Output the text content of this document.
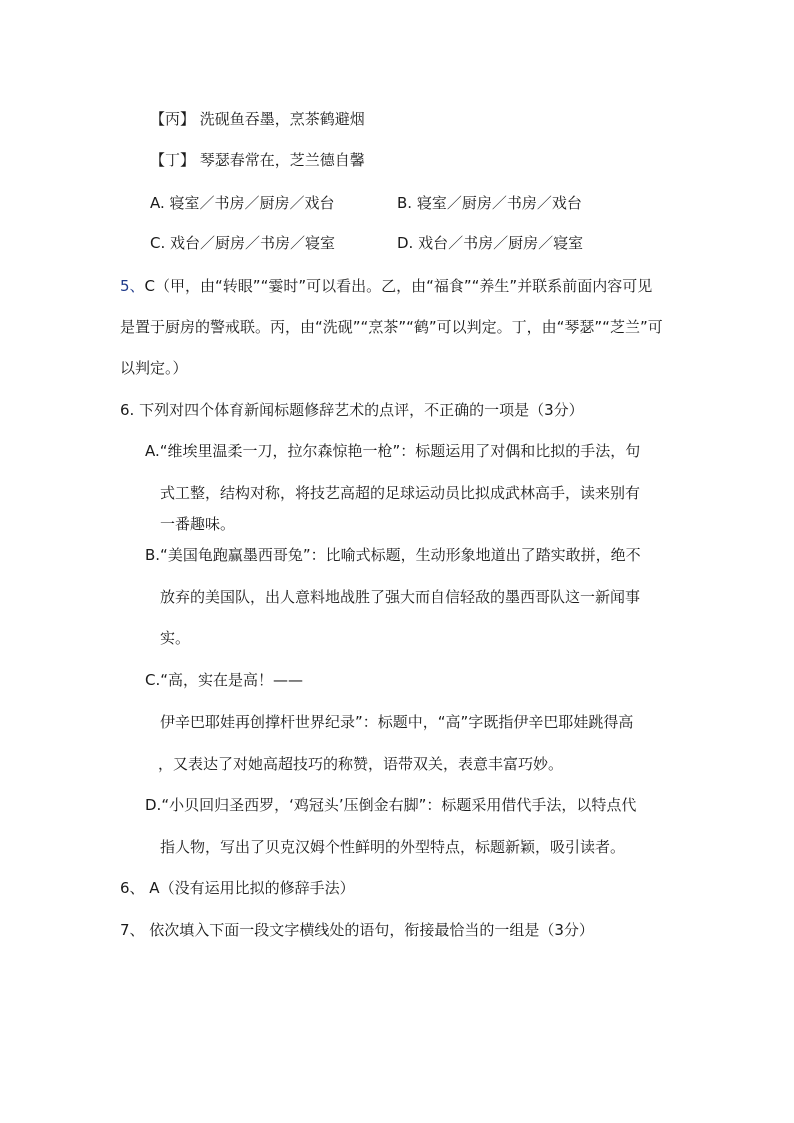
【丙】 洗砚鱼吞墨，烹茶鹤避烟
【丁】 琴瑟春常在，芝兰德自馨
A. 寝室／书房／厨房／戏台	B. 寝室／厨房／书房／戏台
C. 戏台／厨房／书房／寝室	D. 戏台／书房／厨房／寝室
5、C（甲，由“转眼”“霎时”可以看出。乙，由“福食”“养生”并联系前面内容可见
是置于厨房的警戒联。丙，由“洗砚”“烹茶”“鹤”可以判定。丁，由“琴瑟”“芝兰”可
以判定。）
6. 下列对四个体育新闻标题修辞艺术的点评，不正确的一项是（3分）
A.“维埃里温柔一刀，拉尔森惊艳一枪”：标题运用了对偶和比拟的手法，句
式工整，结构对称，将技艺高超的足球运动员比拟成武林高手，读来别有
一番趣味。
B.“美国龟跑赢墨西哥兔”：比喻式标题，生动形象地道出了踏实敢拼，绝不
放弃的美国队，出人意料地战胜了强大而自信轻敌的墨西哥队这一新闻事
实。
C.“高，实在是高！——
伊辛巴耶娃再创撑杆世界纪录”：标题中，“高”字既指伊辛巴耶娃跳得高
，又表达了对她高超技巧的称赞，语带双关，表意丰富巧妙。
D.“小贝回归圣西罗，‘鸡冠头’压倒金右脚”：标题采用借代手法，以特点代
指人物，写出了贝克汉姆个性鲜明的外型特点，标题新颖，吸引读者。
6、 A（没有运用比拟的修辞手法）
7、 依次填入下面一段文字横线处的语句，衔接最恰当的一组是（3分）
